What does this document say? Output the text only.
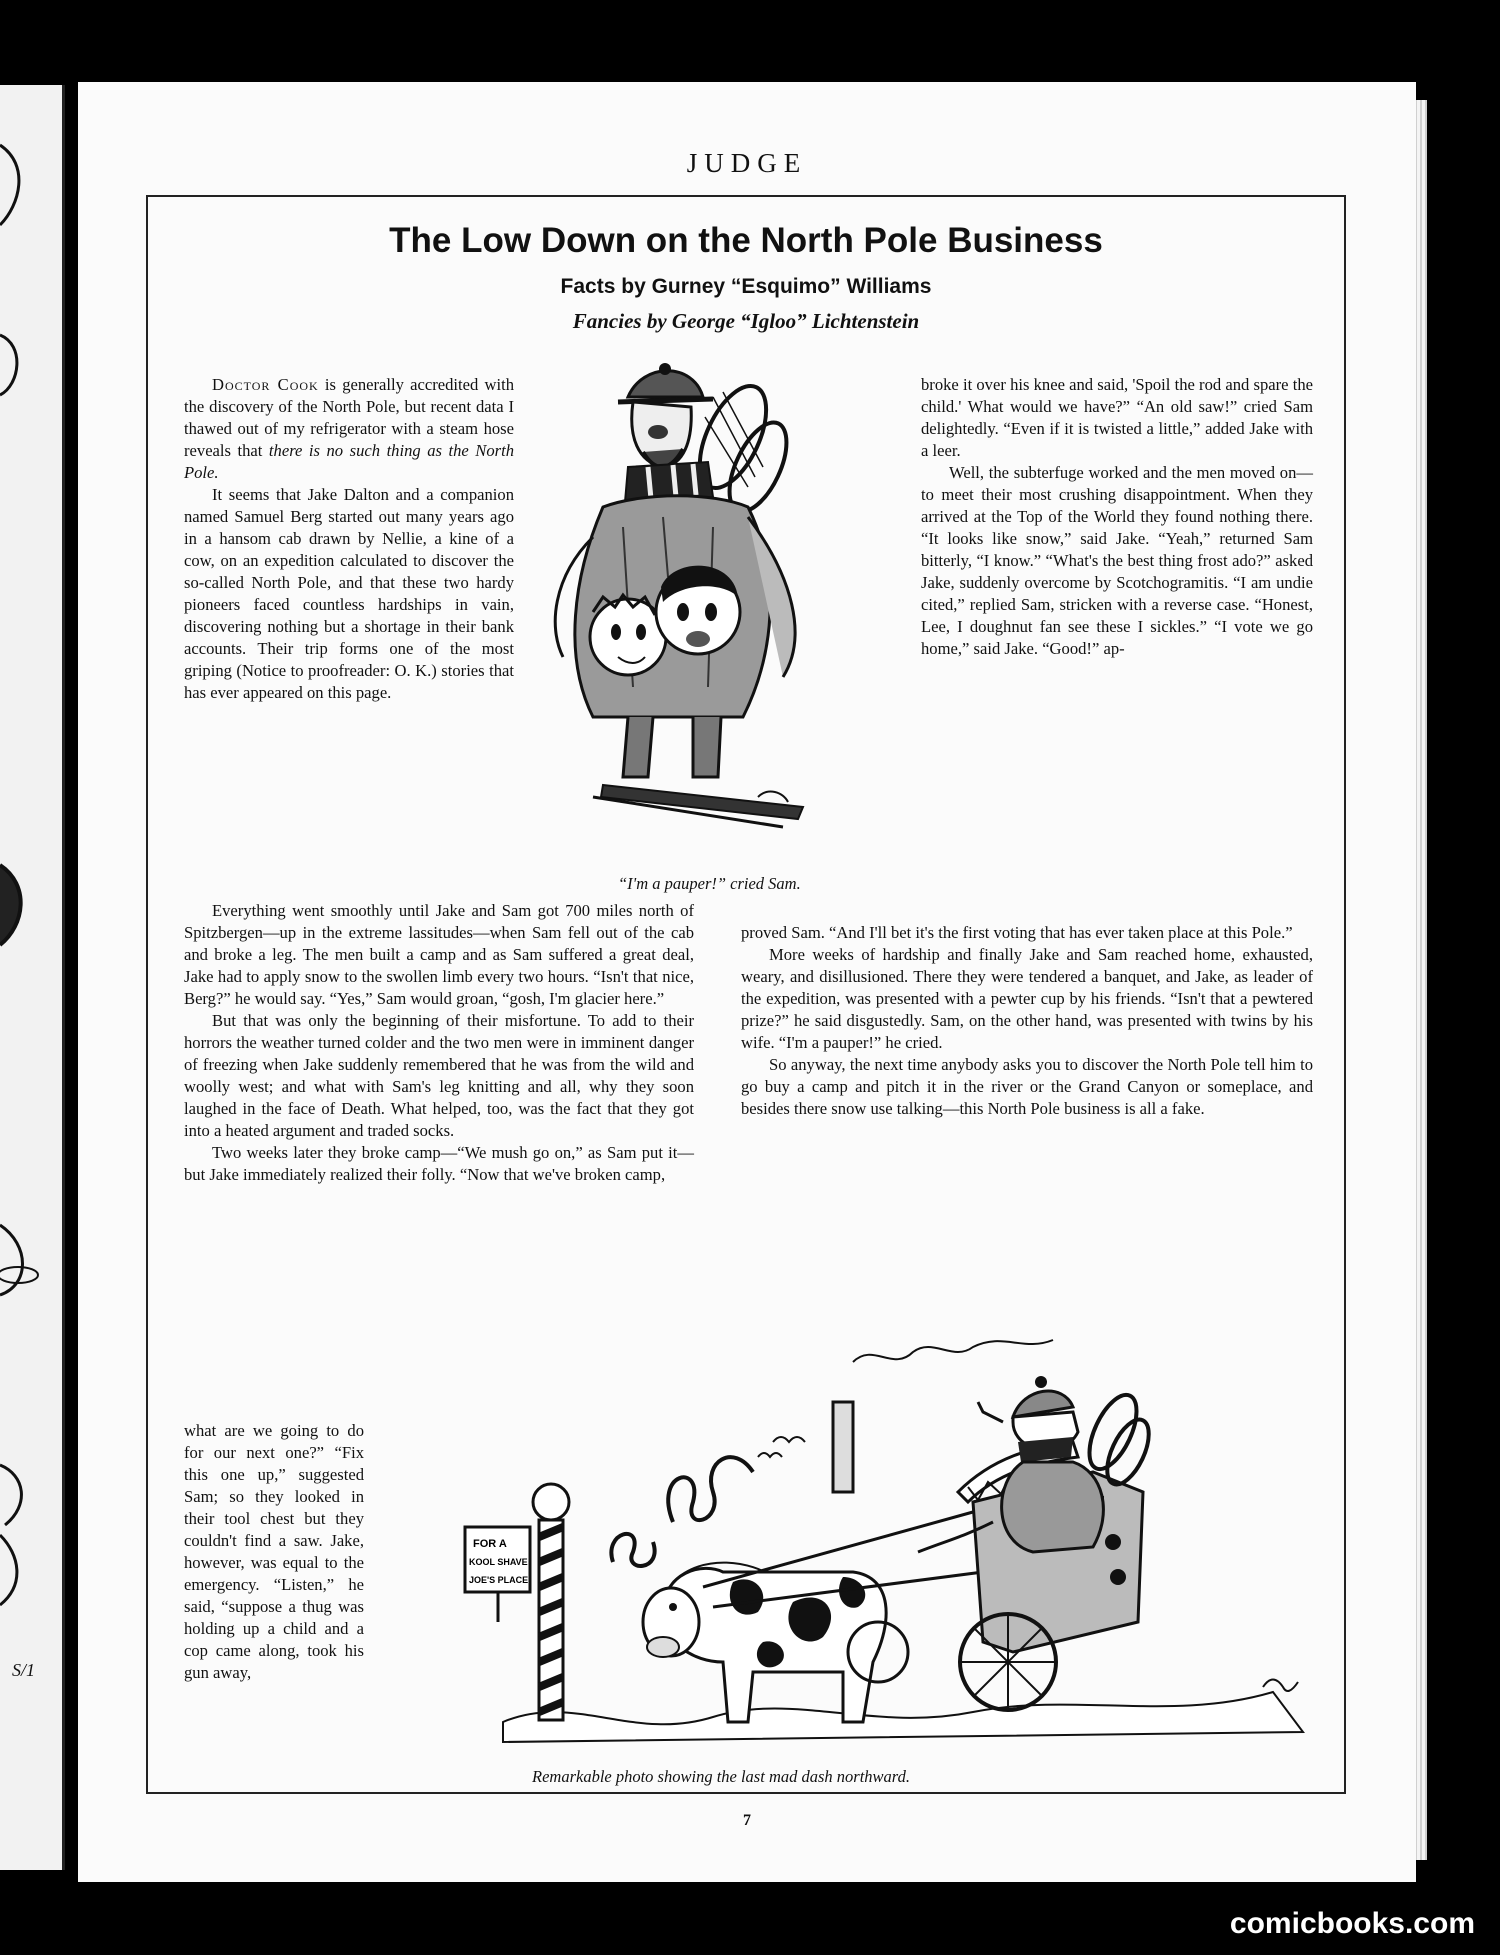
S/1
JUDGE
The Low Down on the North Pole Business
Facts by Gurney “Esquimo” Williams
Fancies by George “Igloo” Lichtenstein

Doctor Cook is generally accredited with the discovery of the North Pole, but recent data I thawed out of my refrigerator with a steam hose reveals that there is no such thing as the North Pole.

It seems that Jake Dalton and a companion named Samuel Berg started out many years ago in a hansom cab drawn by Nellie, a kine of a cow, on an expedition calculated to discover the so-called North Pole, and that these two hardy pioneers faced countless hardships in vain, discovering nothing but a shortage in their bank accounts. Their trip forms one of the most griping (Notice to proofreader: O. K.) stories that has ever appeared on this page.

“I'm a pauper!” cried Sam.

broke it over his knee and said, 'Spoil the rod and spare the child.' What would we have?” “An old saw!” cried Sam delightedly. “Even if it is twisted a little,” added Jake with a leer.

Well, the subterfuge worked and the men moved on—to meet their most crushing disappointment. When they arrived at the Top of the World they found nothing there. “It looks like snow,” said Jake. “Yeah,” returned Sam bitterly, “I know.” “What's the best thing frost ado?” asked Jake, suddenly overcome by Scotchogramitis. “I am undie cited,” replied Sam, stricken with a reverse case. “Honest, Lee, I doughnut fan see these I sickles.” “I vote we go home,” said Jake. “Good!” ap-

Everything went smoothly until Jake and Sam got 700 miles north of Spitzbergen—up in the extreme lassitudes—when Sam fell out of the cab and broke a leg. The men built a camp and as Sam suffered a great deal, Jake had to apply snow to the swollen limb every two hours. “Isn't that nice, Berg?” he would say. “Yes,” Sam would groan, “gosh, I'm glacier here.”

But that was only the beginning of their misfortune. To add to their horrors the weather turned colder and the two men were in imminent danger of freezing when Jake suddenly remembered that he was from the wild and woolly west; and what with Sam's leg knitting and all, why they soon laughed in the face of Death. What helped, too, was the fact that they got into a heated argument and traded socks.

Two weeks later they broke camp—“We mush go on,” as Sam put it—but Jake immediately realized their folly. “Now that we've broken camp,

what are we going to do for our next one?” “Fix this one up,” suggested Sam; so they looked in their tool chest but they couldn't find a saw. Jake, however, was equal to the emergency. “Listen,” he said, “suppose a thug was holding up a child and a cop came along, took his gun away,

proved Sam. “And I'll bet it's the first voting that has ever taken place at this Pole.”

More weeks of hardship and finally Jake and Sam reached home, exhausted, weary, and disillusioned. There they were tendered a banquet, and Jake, as leader of the expedition, was presented with a pewter cup by his friends. “Isn't that a pewtered prize?” he said disgustedly. Sam, on the other hand, was presented with twins by his wife. “I'm a pauper!” he cried.

So anyway, the next time anybody asks you to discover the North Pole tell him to go buy a camp and pitch it in the river or the Grand Canyon or someplace, and besides there snow use talking—this North Pole business is all a fake.

FOR A
KOOL SHAVE
JOE'S PLACE
Remarkable photo showing the last mad dash northward.
7
comicbooks.com
